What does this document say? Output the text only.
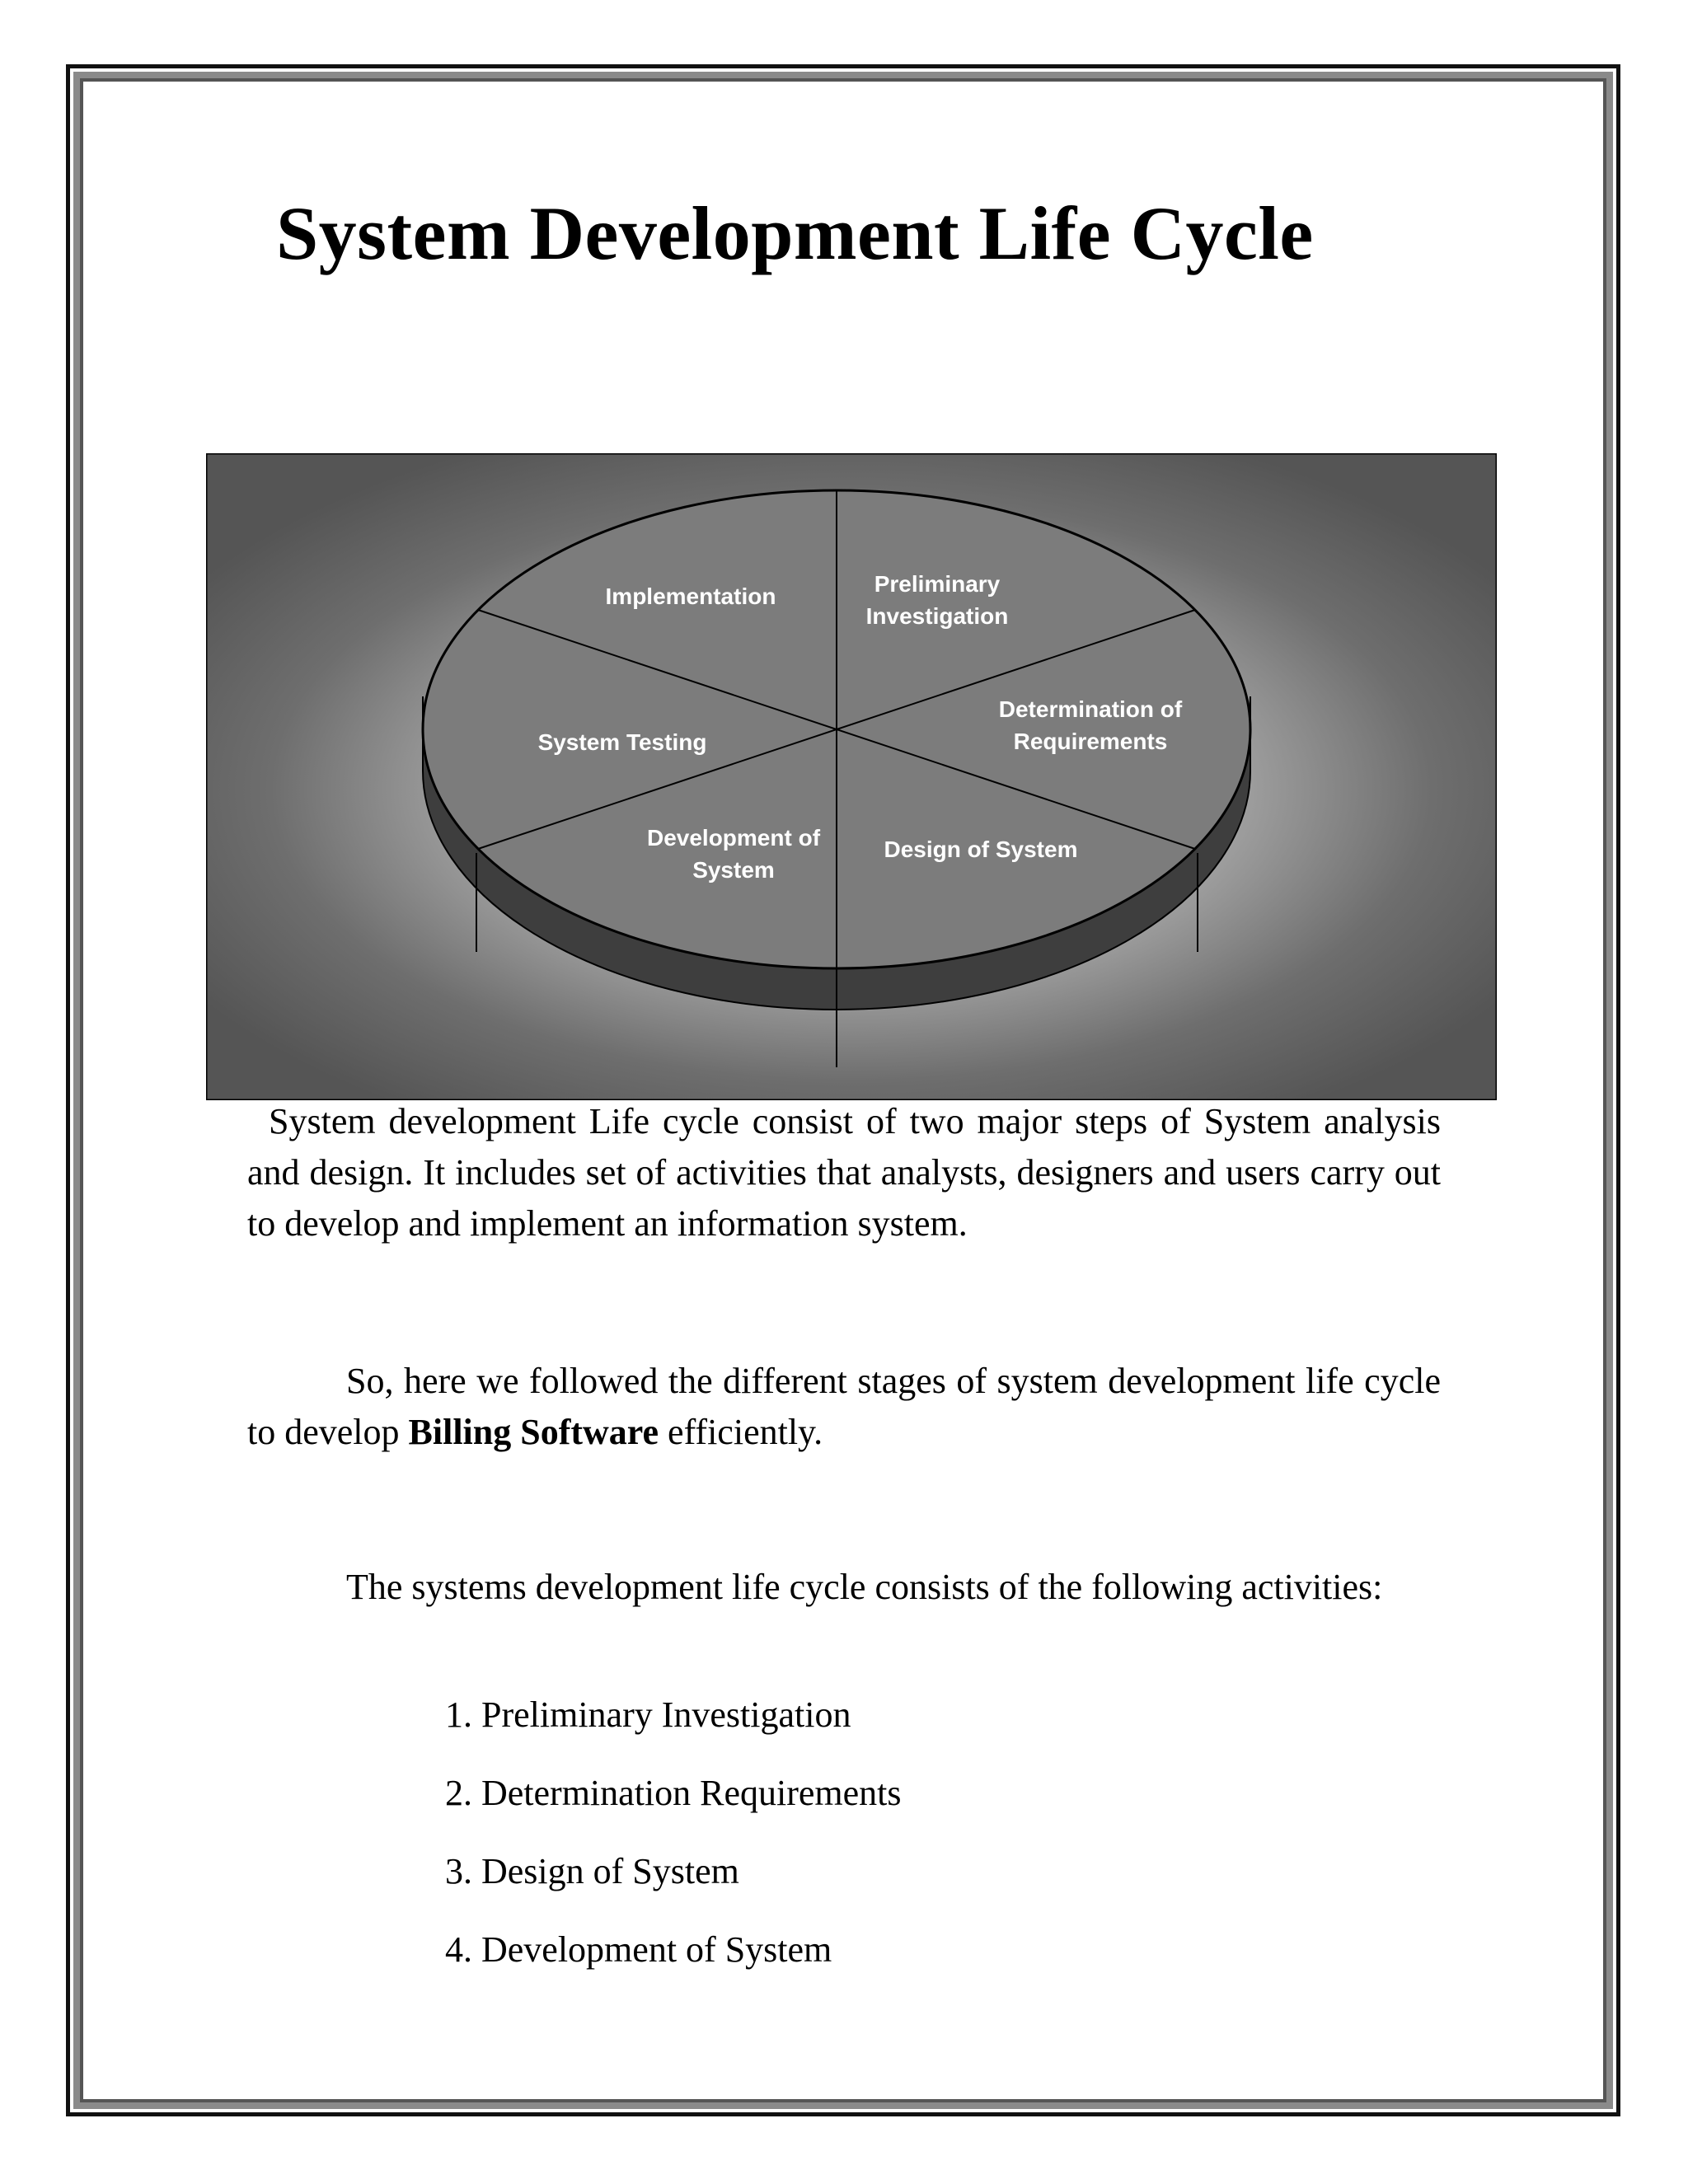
System Development Life Cycle
Implementation	Preliminary
Investigation
Determination of
Requirements
Design of System
Development of
System
System Testing

System development Life cycle consist of two major steps of System analysis and design. It includes set of activities that analysts, designers and users carry out to develop and implement an information system.

So, here we followed the different stages of system development life cycle to develop Billing Software efficiently.

The systems development life cycle consists of the following activities:

1. Preliminary Investigation
2. Determination Requirements
3. Design of System
4. Development of System
